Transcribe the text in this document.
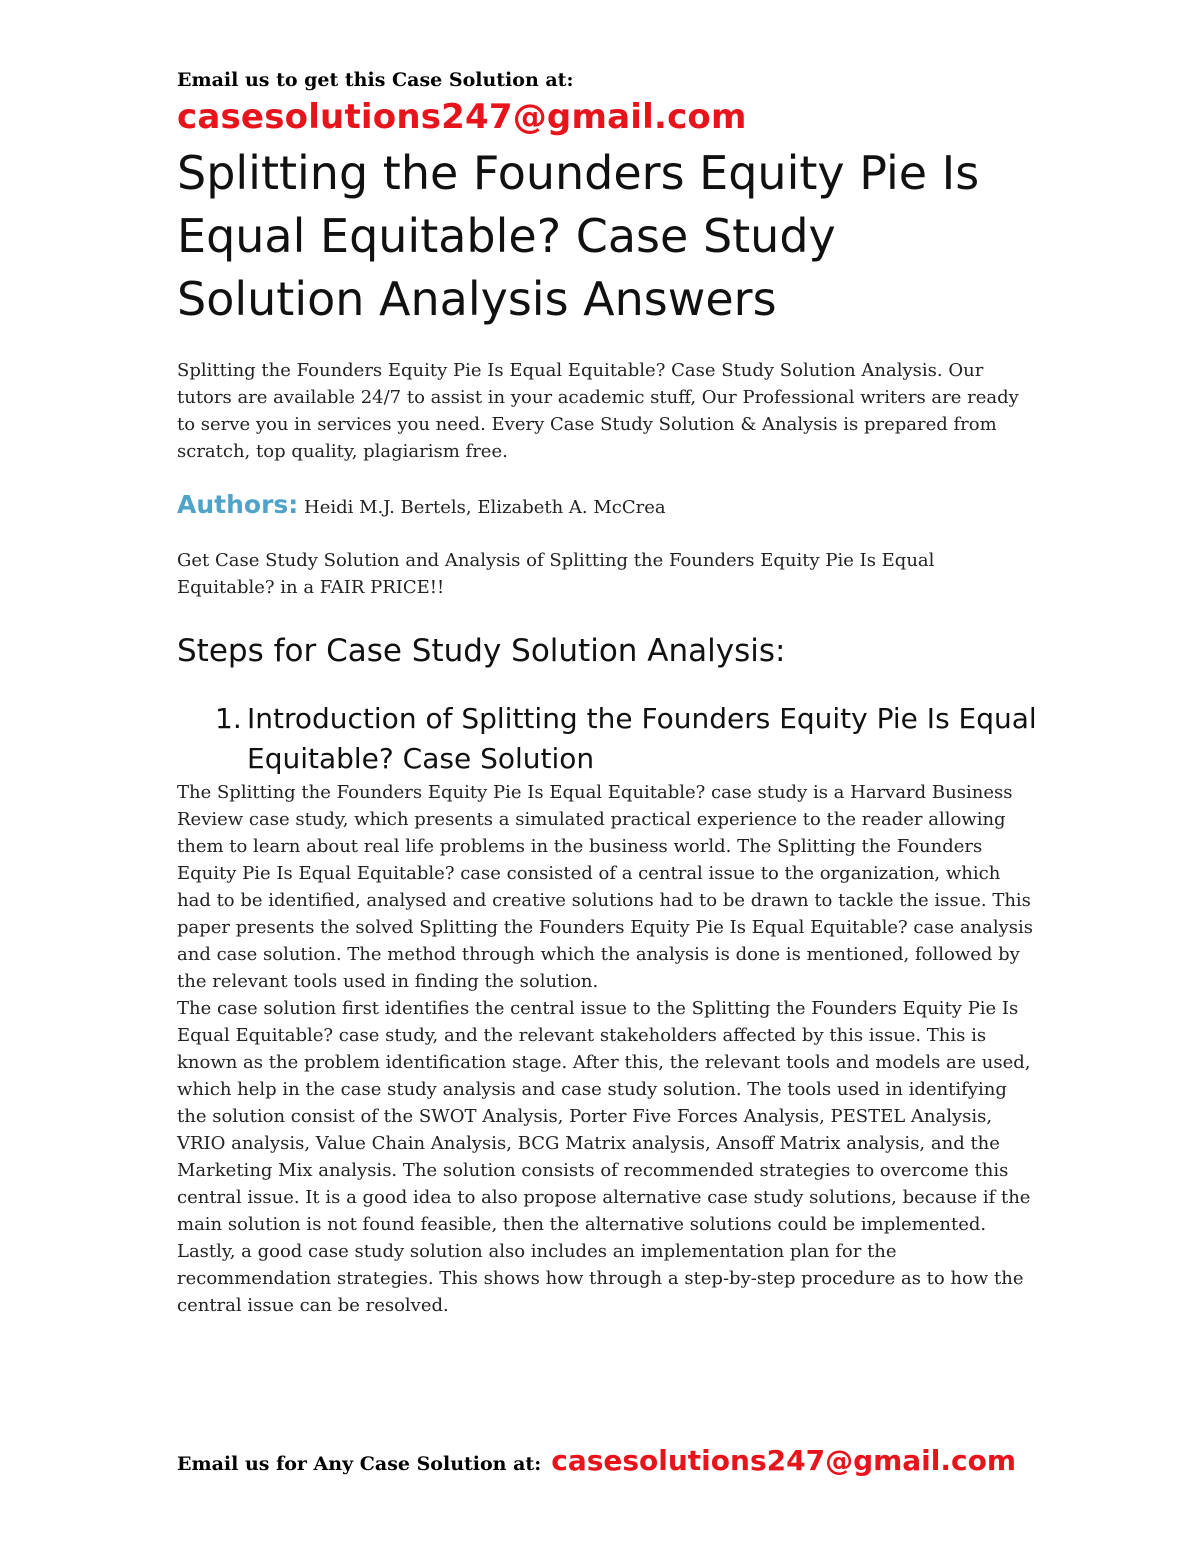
Email us to get this Case Solution at:

casesolutions247@gmail.com

Splitting the Founders Equity Pie Is Equal Equitable? Case Study Solution Analysis Answers

Splitting the Founders Equity Pie Is Equal Equitable? Case Study Solution Analysis. Our tutors are available 24/7 to assist in your academic stuff, Our Professional writers are ready to serve you in services you need. Every Case Study Solution & Analysis is prepared from scratch, top quality, plagiarism free.

Authors: Heidi M.J. Bertels, Elizabeth A. McCrea

Get Case Study Solution and Analysis of Splitting the Founders Equity Pie Is Equal Equitable? in a FAIR PRICE!!

Steps for Case Study Solution Analysis:
1. Introduction of Splitting the Founders Equity Pie Is Equal Equitable? Case Solution

The Splitting the Founders Equity Pie Is Equal Equitable? case study is a Harvard Business Review case study, which presents a simulated practical experience to the reader allowing them to learn about real life problems in the business world. The Splitting the Founders Equity Pie Is Equal Equitable? case consisted of a central issue to the organization, which had to be identified, analysed and creative solutions had to be drawn to tackle the issue. This paper presents the solved Splitting the Founders Equity Pie Is Equal Equitable? case analysis and case solution. The method through which the analysis is done is mentioned, followed by the relevant tools used in finding the solution.

The case solution first identifies the central issue to the Splitting the Founders Equity Pie Is Equal Equitable? case study, and the relevant stakeholders affected by this issue. This is known as the problem identification stage. After this, the relevant tools and models are used, which help in the case study analysis and case study solution. The tools used in identifying the solution consist of the SWOT Analysis, Porter Five Forces Analysis, PESTEL Analysis, VRIO analysis, Value Chain Analysis, BCG Matrix analysis, Ansoff Matrix analysis, and the Marketing Mix analysis. The solution consists of recommended strategies to overcome this central issue. It is a good idea to also propose alternative case study solutions, because if the main solution is not found feasible, then the alternative solutions could be implemented. Lastly, a good case study solution also includes an implementation plan for the recommendation strategies. This shows how through a step-by-step procedure as to how the central issue can be resolved.

Email us for Any Case Solution at: casesolutions247@gmail.com
